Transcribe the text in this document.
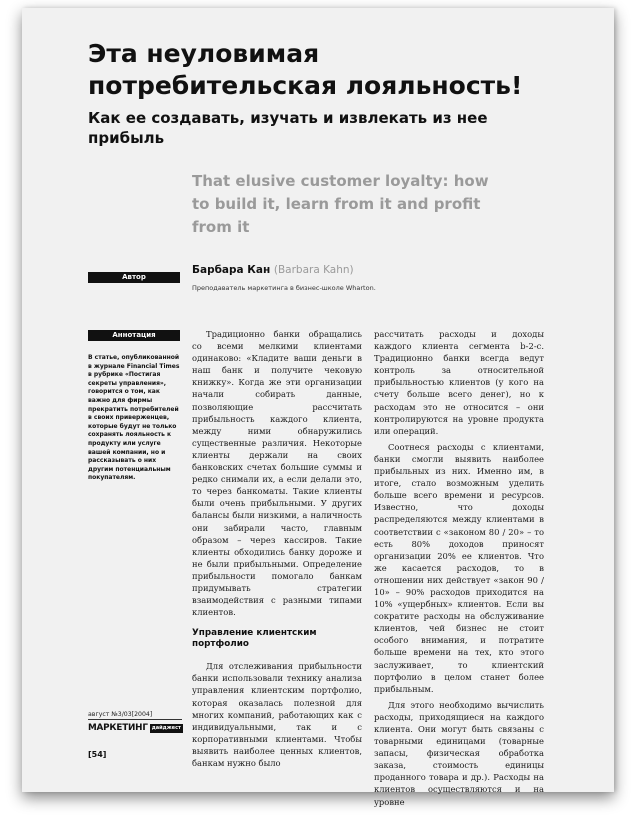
Эта неуловимая потребительская лояльность!
Как ее создавать, изучать и извлекать из нее прибыль
That elusive customer loyalty: how to build it, learn from it and profit from it
Автор
Барбара Кан (Barbara Kahn)
Преподаватель маркетинга в бизнес-школе Wharton.
Аннотация

В статье, опубликованной в журнале Financial Times в рубрике «Постигая секреты управления», говорится о том, как важно для фирмы прекратить потребителей в своих приверженцев, которые будут не только сохранять лояльность к продукту или услуге вашей компании, но и рассказывать о них другим потенциальным покупателям.

Традиционно банки обращались со всеми мелкими клиентами одинаково: «Кладите ваши деньги в наш банк и получите чековую книжку». Когда же эти организации начали собирать данные, позволяющие рассчитать прибыльность каждого клиента, между ними обнаружились существенные различия. Некоторые клиенты держали на своих банковских счетах большие суммы и редко снимали их, а если делали это, то через банкоматы. Такие клиенты были очень прибыльными. У других балансы были низкими, а наличность они забирали часто, главным образом – через кассиров. Такие клиенты обходились банку дороже и не были прибыльными. Определение прибыльности помогало банкам придумывать стратегии взаимодействия с разными типами клиентов.

Управление клиентским портфолио

Для отслеживания прибыльности банки использовали технику анализа управления клиентским портфолио, которая оказалась полезной для многих компаний, работающих как с индивидуальными, так и с корпоративными клиентами. Чтобы выявить наиболее ценных клиентов, банкам нужно было

рассчитать расходы и доходы каждого клиента сегмента b-2-c. Традиционно банки всегда ведут контроль за относительной прибыльностью клиентов (у кого на счету больше всего денег), но к расходам это не относится – они контролируются на уровне продукта или операций.

Соотнеся расходы с клиентами, банки смогли выявить наиболее прибыльных из них. Именно им, в итоге, стало возможным уделить больше всего времени и ресурсов. Известно, что доходы распределяются между клиентами в соответствии с «законом 80 / 20» – то есть 80% доходов приносят организации 20% ее клиентов. Что же касается расходов, то в отношении них действует «закон 90 / 10» – 90% расходов приходится на 10% «ущербных» клиентов. Если вы сократите расходы на обслуживание клиентов, чей бизнес не стоит особого внимания, и потратите больше времени на тех, кто этого заслуживает, то клиентский портфолио в целом станет более прибыльным.

Для этого необходимо вычислить расходы, приходящиеся на каждого клиента. Они могут быть связаны с товарными единицами (товарные запасы, физическая обработка заказа, стоимость единицы проданного товара и др.). Расходы на клиентов осуществляются и на уровне

август №3/03[2004]
МАРКЕТИНГ дайджест
[54]
